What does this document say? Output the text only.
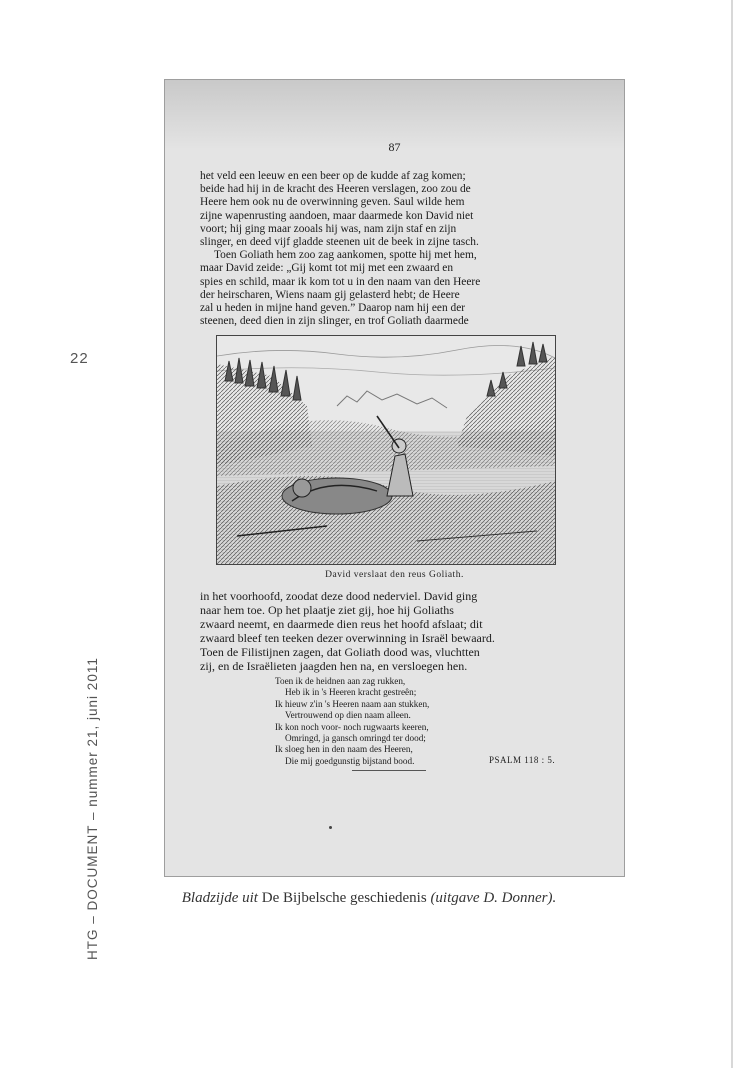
22
HTG – DOCUMENT – nummer 21, juni 2011
87

het veld een leeuw en een beer op de kudde af zag komen;
beide had hij in de kracht des Heeren verslagen, zoo zou de
Heere hem ook nu de overwinning geven. Saul wilde hem
zijne wapenrusting aandoen, maar daarmede kon David niet
voort; hij ging maar zooals hij was, nam zijn staf en zijn
slinger, en deed vijf gladde steenen uit de beek in zijne tasch.

Toen Goliath hem zoo zag aankomen, spotte hij met hem,
maar David zeide: „Gij komt tot mij met een zwaard en
spies en schild, maar ik kom tot u in den naam van den Heere
der heirscharen, Wiens naam gij gelasterd hebt; de Heere
zal u heden in mijne hand geven.” Daarop nam hij een der
steenen, deed dien in zijn slinger, en trof Goliath daarmede

David verslaat den reus Goliath.

in het voorhoofd, zoodat deze dood nederviel. David ging
naar hem toe. Op het plaatje ziet gij, hoe hij Goliaths
zwaard neemt, en daarmede dien reus het hoofd afslaat; dit
zwaard bleef ten teeken dezer overwinning in Israël bewaard.
Toen de Filistijnen zagen, dat Goliath dood was, vluchtten
zij, en de Israëlieten jaagden hen na, en versloegen hen.

Toen ik de heidnen aan zag rukken,
Heb ik in 's Heeren kracht gestreên;
Ik hieuw z'in 's Heeren naam aan stukken,
Vertrouwend op dien naam alleen.
Ik kon noch voor- noch rugwaarts keeren,
Omringd, ja gansch omringd ter dood;
Ik sloeg hen in den naam des Heeren,
Die mij goedgunstig bijstand bood.	PSALM 118 : 5.
Bladzijde uit De Bijbelsche geschiedenis (uitgave D. Donner).
